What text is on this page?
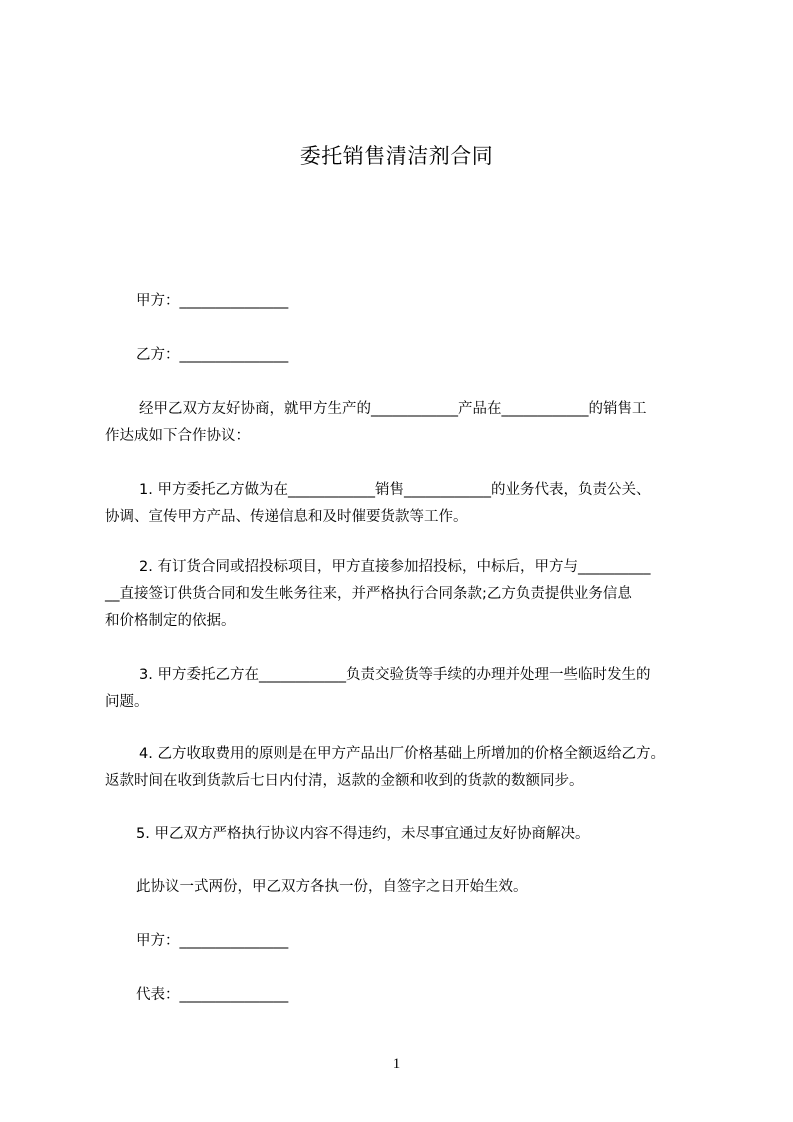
委托销售清洁剂合同
甲方：_______________
乙方：_______________
经甲乙双方友好协商，就甲方生产的____________产品在____________的销售工
作达成如下合作协议：
1. 甲方委托乙方做为在____________销售____________的业务代表，负责公关、
协调、宣传甲方产品、传递信息和及时催要货款等工作。
2. 有订货合同或招投标项目，甲方直接参加招投标，中标后，甲方与__________
__直接签订供货合同和发生帐务往来，并严格执行合同条款;乙方负责提供业务信息
和价格制定的依据。
3. 甲方委托乙方在____________负责交验货等手续的办理并处理一些临时发生的
问题。
4. 乙方收取费用的原则是在甲方产品出厂价格基础上所增加的价格全额返给乙方。
返款时间在收到货款后七日内付清，返款的金额和收到的货款的数额同步。
5. 甲乙双方严格执行协议内容不得违约，未尽事宜通过友好协商解决。
此协议一式两份，甲乙双方各执一份，自签字之日开始生效。
甲方：_______________
代表：_______________
1
